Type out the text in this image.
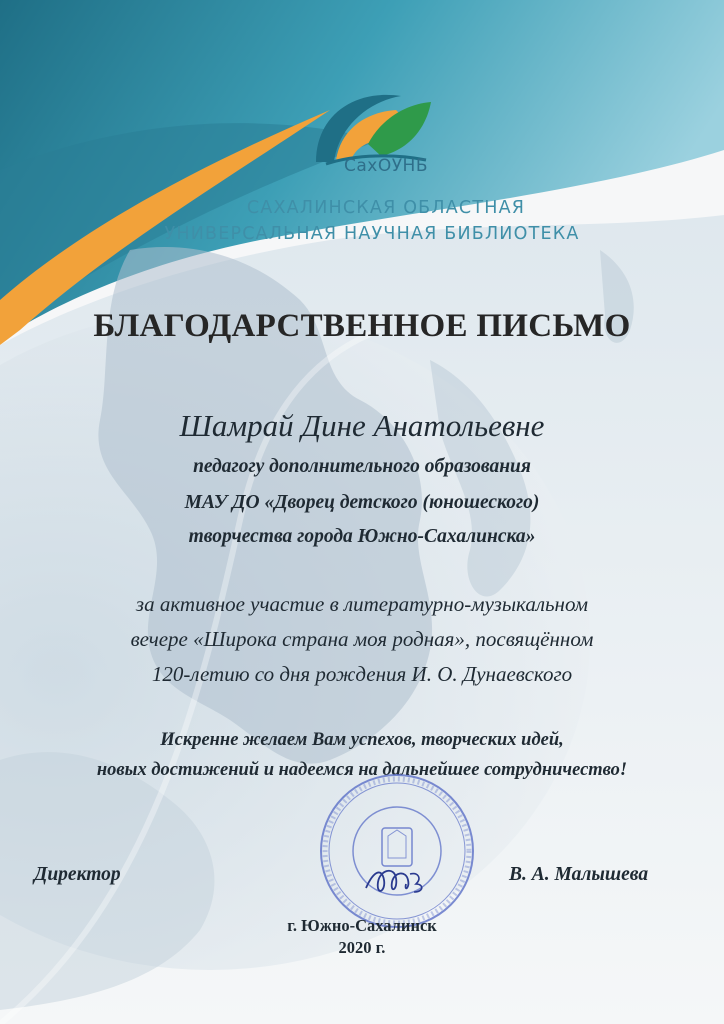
СахОУНБ
САХАЛИНСКАЯ ОБЛАСТНАЯ
УНИВЕРСАЛЬНАЯ НАУЧНАЯ БИБЛИОТЕКА
БЛАГОДАРСТВЕННОЕ ПИСЬМО
Шамрай Дине Анатольевне
педагогу дополнительного образования
МАУ ДО «Дворец детского (юношеского)
творчества города Южно-Сахалинска»
за активное участие в литературно-музыкальном
вечере «Широка страна моя родная», посвящённом
120-летию со дня рождения И. О. Дунаевского
Искренне желаем Вам успехов, творческих идей,
новых достижений и надеемся на дальнейшее сотрудничество!
Директор	В. А. Малышева
г. Южно-Сахалинск
2020 г.
